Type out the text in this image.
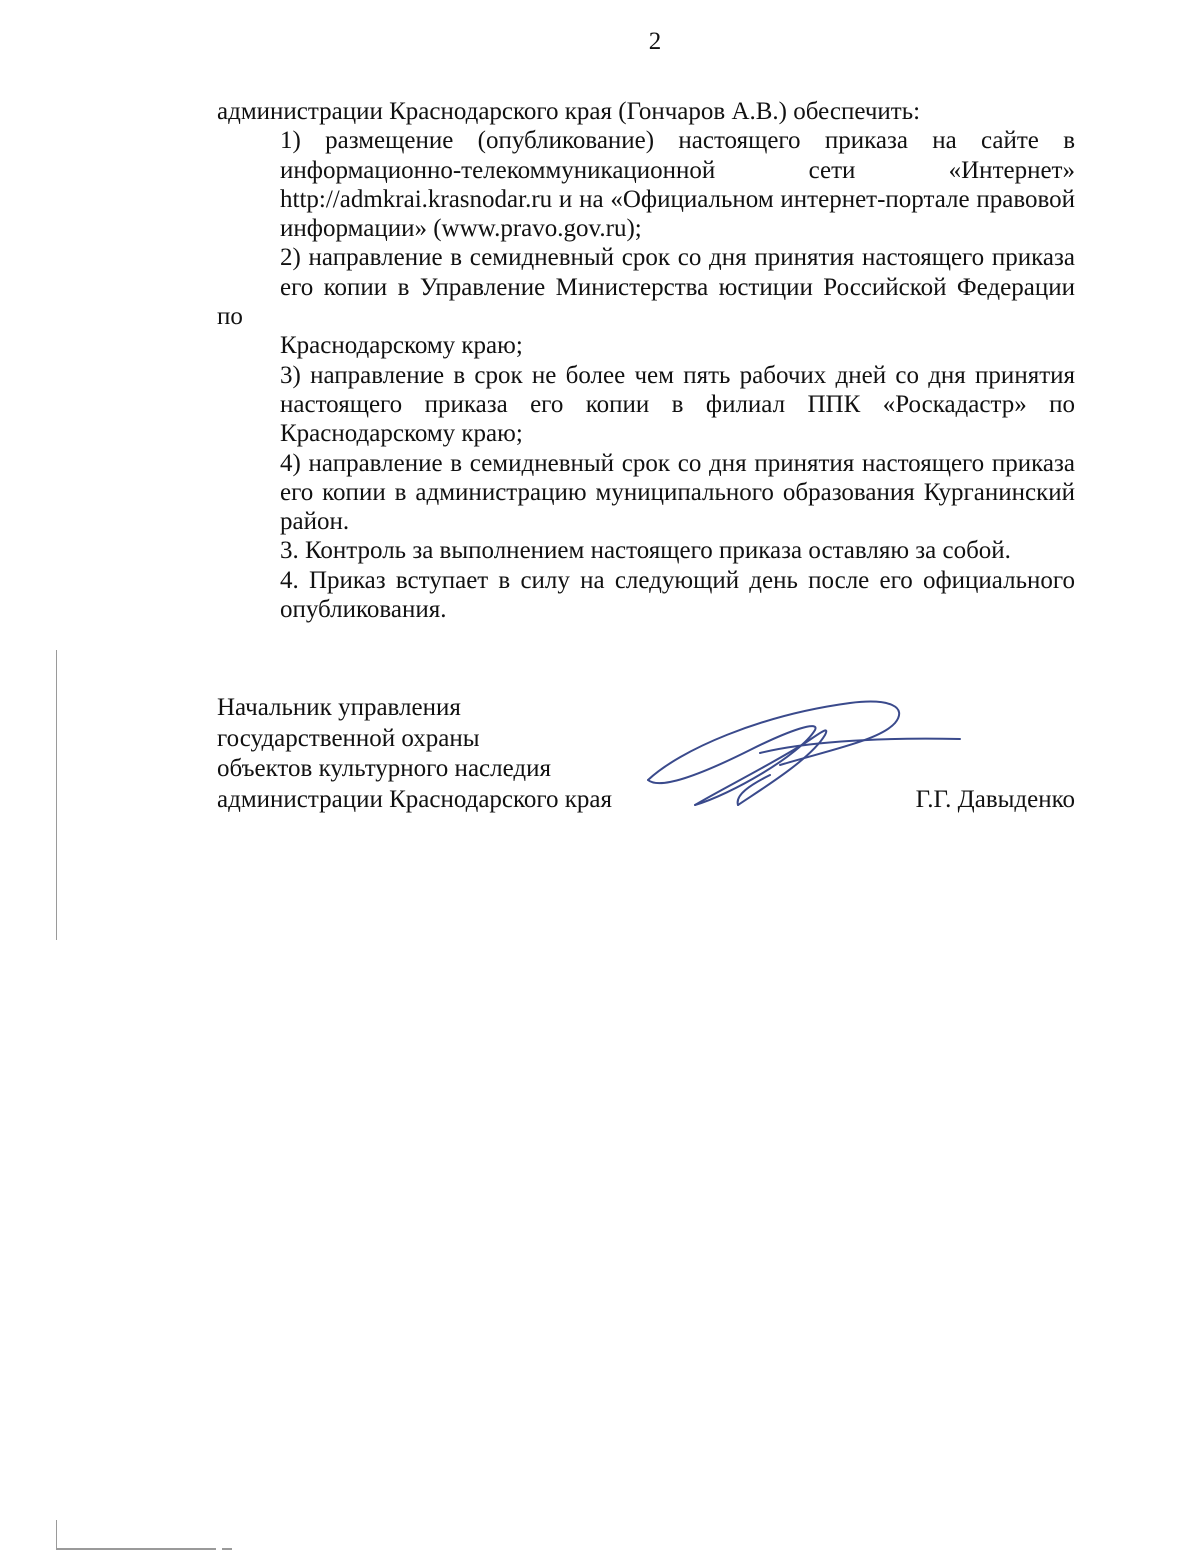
2

администрации Краснодарского края (Гончаров А.В.) обеспечить:

1) размещение (опубликование) настоящего приказа на сайте в
информационно-телекоммуникационной сети «Интернет»
http://admkrai.krasnodar.ru и на «Официальном интернет-портале правовой
информации» (www.pravo.gov.ru);

2) направление в семидневный срок со дня принятия настоящего приказа
его копии в Управление Министерства юстиции Российской Федерации по
Краснодарскому краю;

3) направление в срок не более чем пять рабочих дней со дня принятия
настоящего приказа его копии в филиал ППК «Роскадастр» по
Краснодарскому краю;

4) направление в семидневный срок со дня принятия настоящего приказа
его копии в администрацию муниципального образования Курганинский
район.

3. Контроль за выполнением настоящего приказа оставляю за собой.

4. Приказ вступает в силу на следующий день после его официального
опубликования.

Начальник управления
государственной охраны
объектов культурного наследия
администрации Краснодарского края	Г.Г. Давыденко
